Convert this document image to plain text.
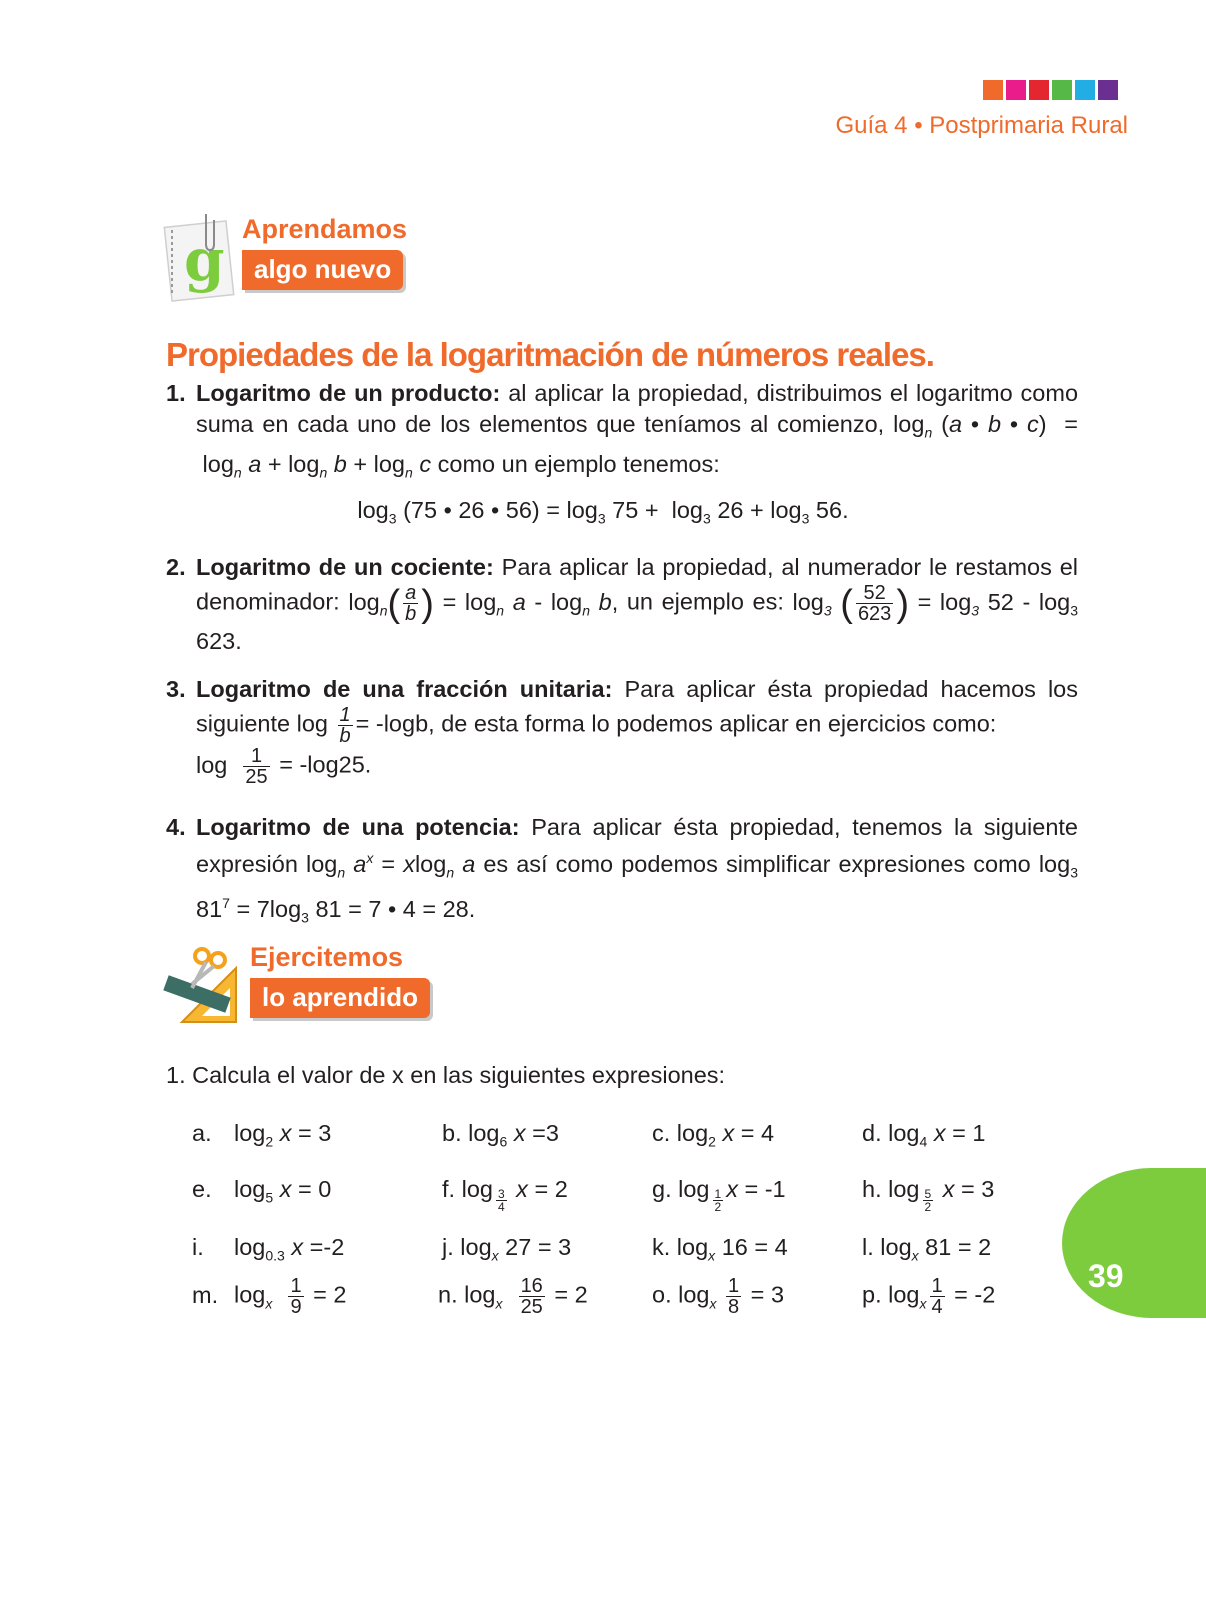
Guía 4 • Postprimaria Rural
g Aprendamos
algo nuevo
Propiedades de la logaritmación de números reales.
1. Logaritmo de un producto: al aplicar la propiedad, distribuimos el logaritmo como suma en cada uno de los elementos que teníamos al comienzo, $\log_n (a$ • b • $c) = \log_n a + \log_n b + \log_n c$ como un ejemplo tenemos:
$\log_3 (75$ • 26 • $56) = \log_3 75 + \log_3 26 + \log_3 56$.
2. Logaritmo de un cociente: Para aplicar la propiedad, al numerador le restamos el denominador: $\log_n( \frac{a}{b}$ ) = $\log_n a - \log_n b$, un ejemplo es: $\log_3$ ( $\frac{52}{623}$ ) = $\log_3 52 - \log_3 623$.
3. Logaritmo de una fracción unitaria: Para aplicar ésta propiedad hacemos los siguiente $\log \frac{1}{b} = -\log b$, de esta forma lo podemos aplicar en ejercicios como:
$\log \frac{1}{25} = -\log 25$.
4. Logaritmo de una potencia: Para aplicar ésta propiedad, tenemos la siguiente expresión $\log_n a^x = xlog_n$ a es así como podemos simplificar expresiones como $\log_3 81^7 = 7\log_3$ 81 = 7 • 4 = 28.
Ejercitemos
lo aprendido
1. Calcula el valor de x en las siguientes expresiones:
a. $\log_2 x = 3$	b. $\log_6 x =3$	c. $\log_2 x = 4$	d. $\log_4 x = 1$
e. $\log_5 x = 0$	f. log $_{\frac{3}{4}}$ x = 2	g. log $_{\frac{1}{2}}$ x = -1	h. log $_{\frac{5}{2}}$ x = 3
i. $\log_{0.3} x =-2$	j. $\log_x 27 = 3$	k. $\log_x 16 = 4$	l. $\log_x 81 = 2$
m. $\log_x \frac{1}{9} = 2$	n. $\log_x \frac{16}{25} = 2$	o. $\log_x \frac{1}{8} = 3$	p. $\log_x \frac{1}{4} = -2$
39
